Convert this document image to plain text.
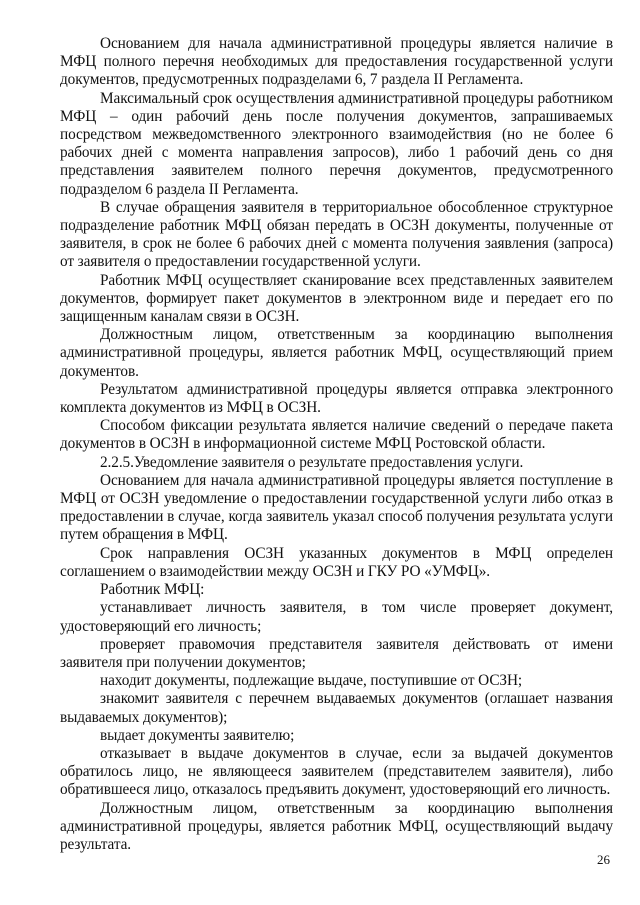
Основанием для начала административной процедуры является наличие в МФЦ полного перечня необходимых для предоставления государственной услуги документов, предусмотренных подразделами 6, 7 раздела II Регламента.

Максимальный срок осуществления административной процедуры работником МФЦ – один рабочий день после получения документов, запрашиваемых посредством межведомственного электронного взаимодействия (но не более 6 рабочих дней с момента направления запросов), либо 1 рабочий день со дня представления заявителем полного перечня документов, предусмотренного подразделом 6 раздела II Регламента.

В случае обращения заявителя в территориальное обособленное структурное подразделение работник МФЦ обязан передать в ОСЗН документы, полученные от заявителя, в срок не более 6 рабочих дней с момента получения заявления (запроса) от заявителя о предоставлении государственной услуги.

Работник МФЦ осуществляет сканирование всех представленных заявителем документов, формирует пакет документов в электронном виде и передает его по защищенным каналам связи в ОСЗН.

Должностным лицом, ответственным за координацию выполнения административной процедуры, является работник МФЦ, осуществляющий прием документов.

Результатом административной процедуры является отправка электронного комплекта документов из МФЦ в ОСЗН.

Способом фиксации результата является наличие сведений о передаче пакета документов в ОСЗН в информационной системе МФЦ Ростовской области.

2.2.5.Уведомление заявителя о результате предоставления услуги.

Основанием для начала административной процедуры является поступление в МФЦ от ОСЗН уведомление о предоставлении государственной услуги либо отказ в предоставлении в случае, когда заявитель указал способ получения результата услуги путем обращения в МФЦ.

Срок направления ОСЗН указанных документов в МФЦ определен соглашением о взаимодействии между ОСЗН и ГКУ РО «УМФЦ».

Работник МФЦ:

устанавливает личность заявителя, в том числе проверяет документ, удостоверяющий его личность;

проверяет правомочия представителя заявителя действовать от имени заявителя при получении документов;

находит документы, подлежащие выдаче, поступившие от ОСЗН;

знакомит заявителя с перечнем выдаваемых документов (оглашает названия выдаваемых документов);

выдает документы заявителю;

отказывает в выдаче документов в случае, если за выдачей документов обратилось лицо, не являющееся заявителем (представителем заявителя), либо обратившееся лицо, отказалось предъявить документ, удостоверяющий его личность.

Должностным лицом, ответственным за координацию выполнения административной процедуры, является работник МФЦ, осуществляющий выдачу результата.

26
